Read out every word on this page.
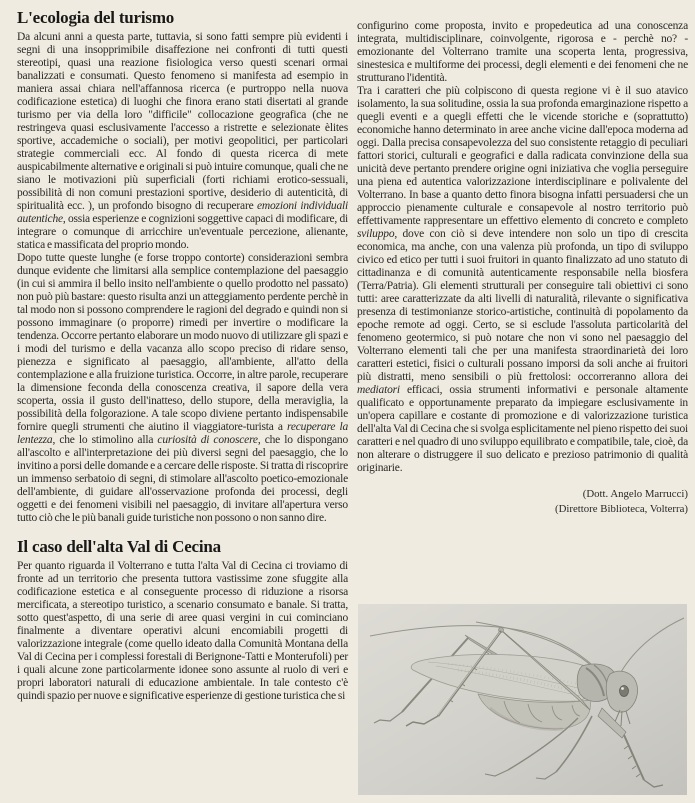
L'ecologia del turismo

Da alcuni anni a questa parte, tuttavia, si sono fatti sempre più evidenti i segni di una insopprimibile disaffezione nei confronti di tutti questi stereotipi, quasi una reazione fisiologica verso questi scenari ormai banalizzati e consumati. Questo fenomeno si manifesta ad esempio in maniera assai chiara nell'affannosa ricerca (e purtroppo nella nuova codificazione estetica) di luoghi che finora erano stati disertati al grande turismo per via della loro "difficile" collocazione geografica (che ne restringeva quasi esclusivamente l'accesso a ristrette e selezionate èlites sportive, accademiche o sociali), per motivi geopolitici, per particolari strategie commerciali ecc. Al fondo di questa ricerca di mete auspicabilmente alternative e originali si può intuire comunque, quali che ne siano le motivazioni più superficiali (forti richiami erotico-sessuali, possibilità di non comuni prestazioni sportive, desiderio di autenticità, di spiritualità ecc. ), un profondo bisogno di recuperare emozioni individuali autentiche, ossia esperienze e cognizioni soggettive capaci di modificare, di integrare o comunque di arricchire un'eventuale percezione, alienante, statica e massificata del proprio mondo.

Dopo tutte queste lunghe (e forse troppo contorte) considerazioni sembra dunque evidente che limitarsi alla semplice contemplazione del paesaggio (in cui si ammira il bello insito nell'ambiente o quello prodotto nel passato) non può più bastare: questo risulta anzi un atteggiamento perdente perchè in tal modo non si possono comprendere le ragioni del degrado e quindi non si possono immaginare (o proporre) rimedi per invertire o modificare la tendenza. Occorre pertanto elaborare un modo nuovo di utilizzare gli spazi e i modi del turismo e della vacanza allo scopo preciso di ridare senso, pienezza e significato al paesaggio, all'ambiente, all'atto della contemplazione e alla fruizione turistica. Occorre, in altre parole, recuperare la dimensione feconda della conoscenza creativa, il sapore della vera scoperta, ossia il gusto dell'inatteso, dello stupore, della meraviglia, la possibilità della folgorazione. A tale scopo diviene pertanto indispensabile fornire quegli strumenti che aiutino il viaggiatore-turista a recuperare la lentezza, che lo stimolino alla curiosità di conoscere, che lo dispongano all'ascolto e all'interpretazione dei più diversi segni del paesaggio, che lo invitino a porsi delle domande e a cercare delle risposte. Si tratta di riscoprire un immenso serbatoio di segni, di stimolare all'ascolto poetico-emozionale dell'ambiente, di guidare all'osservazione profonda dei processi, degli oggetti e dei fenomeni visibili nel paesaggio, di invitare all'apertura verso tutto ciò che le più banali guide turistiche non possono o non sanno dire.

Il caso dell'alta Val di Cecina

Per quanto riguarda il Volterrano e tutta l'alta Val di Cecina ci troviamo di fronte ad un territorio che presenta tuttora vastissime zone sfuggite alla codificazione estetica e al conseguente processo di riduzione a risorsa mercificata, a stereotipo turistico, a scenario consumato e banale. Si tratta, sotto quest'aspetto, di una serie di aree quasi vergini in cui cominciano finalmente a diventare operativi alcuni encomiabili progetti di valorizzazione integrale (come quello ideato dalla Comunità Montana della Val di Cecina per i complessi forestali di Berignone-Tatti e Monterufoli) per i quali alcune zone particolarmente idonee sono assunte al ruolo di veri e propri laboratori naturali di educazione ambientale. In tale contesto c'è quindi spazio per nuove e significative esperienze di gestione turistica che si

configurino come proposta, invito e propedeutica ad una conoscenza integrata, multidisciplinare, coinvolgente, rigorosa e - perchè no? - emozionante del Volterrano tramite una scoperta lenta, progressiva, sinestesica e multiforme dei processi, degli elementi e dei fenomeni che ne strutturano l'identità.

Tra i caratteri che più colpiscono di questa regione vi è il suo atavico isolamento, la sua solitudine, ossia la sua profonda emarginazione rispetto a quegli eventi e a quegli effetti che le vicende storiche e (soprattutto) economiche hanno determinato in aree anche vicine dall'epoca moderna ad oggi. Dalla precisa consapevolezza del suo consistente retaggio di peculiari fattori storici, culturali e geografici e dalla radicata convinzione della sua unicità deve pertanto prendere origine ogni iniziativa che voglia perseguire una piena ed autentica valorizzazione interdisciplinare e polivalente del Volterrano. In base a quanto detto finora bisogna infatti persuadersi che un approccio pienamente culturale e consapevole al nostro territorio può effettivamente rappresentare un effettivo elemento di concreto e completo sviluppo, dove con ciò si deve intendere non solo un tipo di crescita economica, ma anche, con una valenza più profonda, un tipo di sviluppo civico ed etico per tutti i suoi fruitori in quanto finalizzato ad uno statuto di cittadinanza e di comunità autenticamente responsabile nella biosfera (Terra/Patria). Gli elementi strutturali per conseguire tali obiettivi ci sono tutti: aree caratterizzate da alti livelli di naturalità, rilevante o significativa presenza di testimonianze storico-artistiche, continuità di popolamento da epoche remote ad oggi. Certo, se si esclude l'assoluta particolarità del fenomeno geotermico, si può notare che non vi sono nel paesaggio del Volterrano elementi tali che per una manifesta straordinarietà dei loro caratteri estetici, fisici o culturali possano imporsi da soli anche ai fruitori più distratti, meno sensibili o più frettolosi: occorreranno allora dei mediatori efficaci, ossia strumenti informativi e personale altamente qualificato e opportunamente preparato da impiegare esclusivamente in un'opera capillare e costante di promozione e di valorizzazione turistica dell'alta Val di Cecina che si svolga esplicitamente nel pieno rispetto dei suoi caratteri e nel quadro di uno sviluppo equilibrato e compatibile, tale, cioè, da non alterare o distruggere il suo delicato e prezioso patrimonio di qualità originarie.

(Dott. Angelo Marrucci)
(Direttore Biblioteca, Volterra)
